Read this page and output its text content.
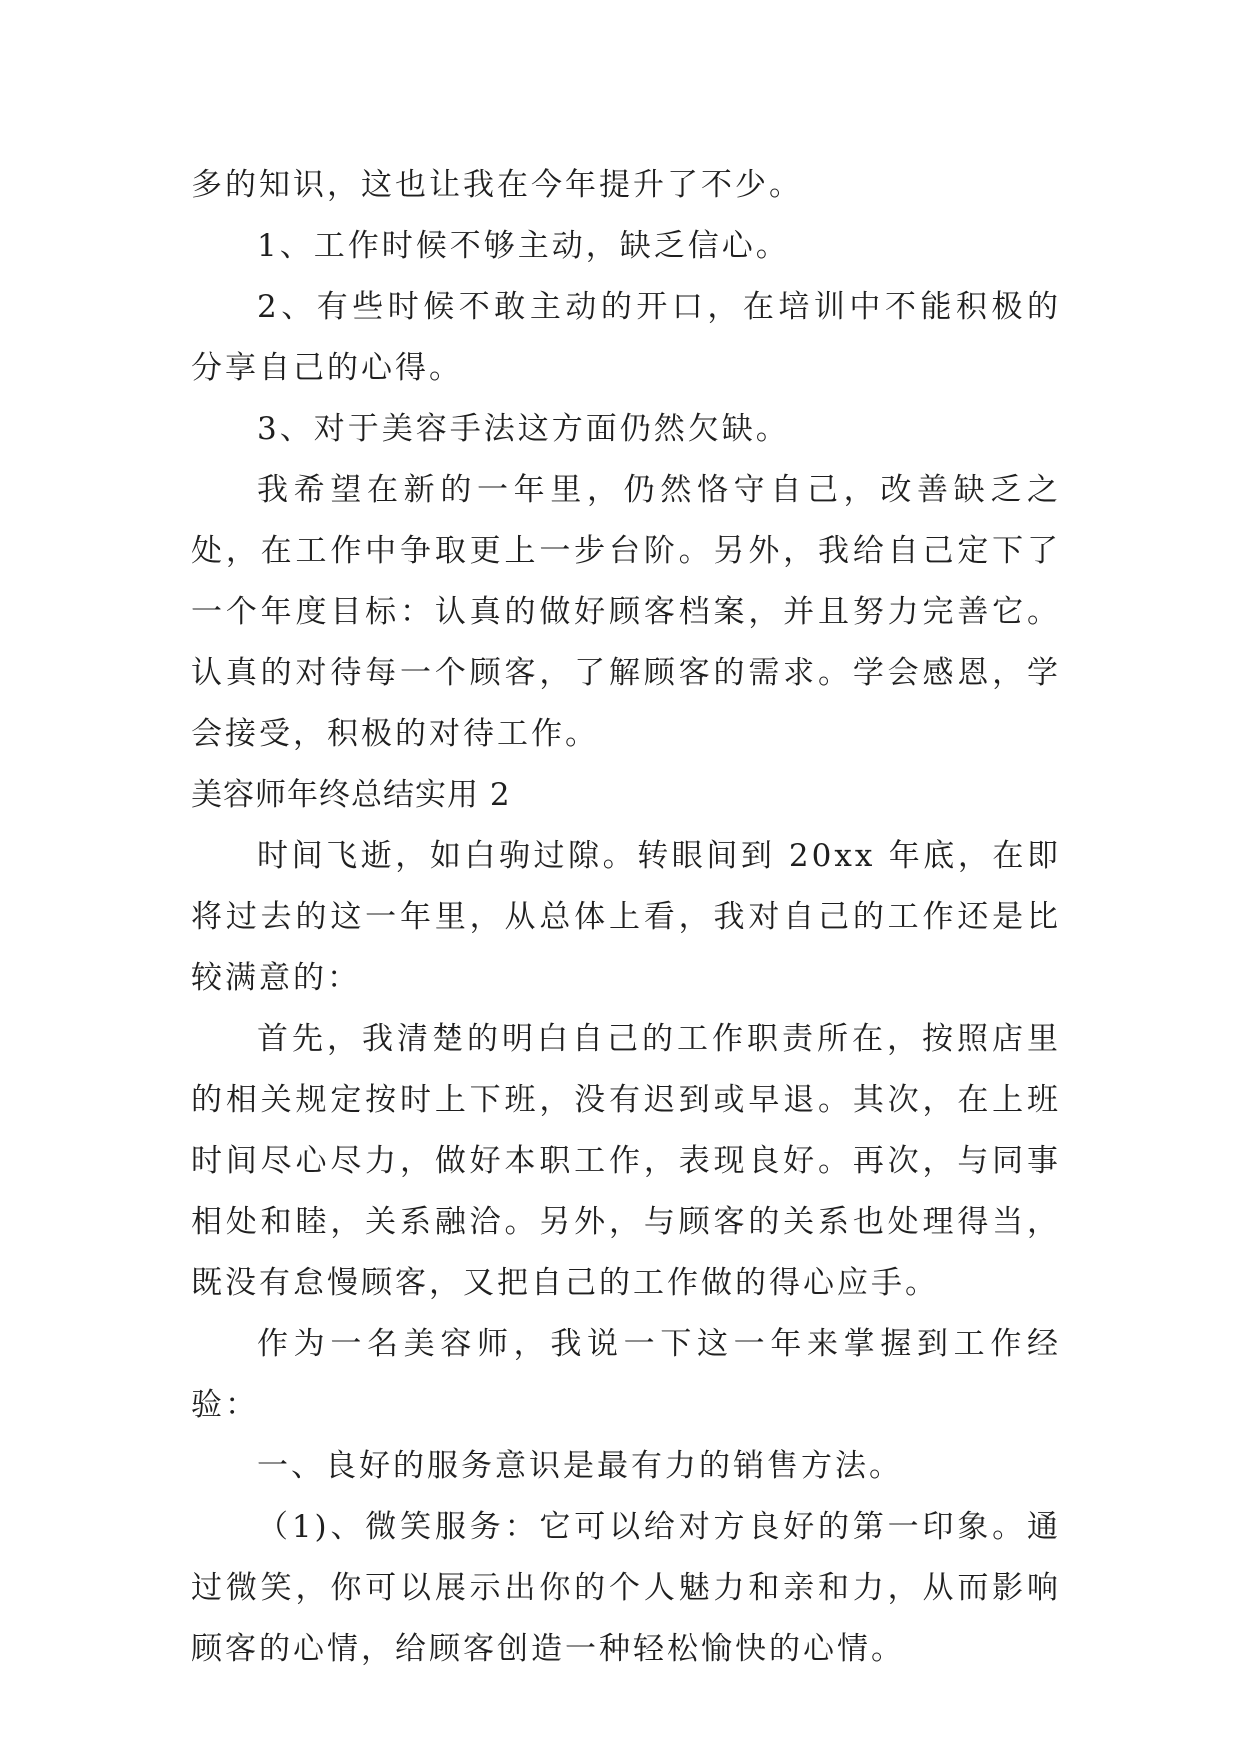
多的知识，这也让我在今年提升了不少。

1、工作时候不够主动，缺乏信心。

2、有些时候不敢主动的开口，在培训中不能积极的分享自己的心得。

3、对于美容手法这方面仍然欠缺。

我希望在新的一年里，仍然恪守自己，改善缺乏之处，在工作中争取更上一步台阶。另外，我给自己定下了一个年度目标：认真的做好顾客档案，并且努力完善它。认真的对待每一个顾客，了解顾客的需求。学会感恩，学会接受，积极的对待工作。

美容师年终总结实用 2

时间飞逝，如白驹过隙。转眼间到 20xx 年底，在即将过去的这一年里，从总体上看，我对自己的工作还是比较满意的：

首先，我清楚的明白自己的工作职责所在，按照店里的相关规定按时上下班，没有迟到或早退。其次，在上班时间尽心尽力，做好本职工作，表现良好。再次，与同事相处和睦，关系融洽。另外，与顾客的关系也处理得当，既没有怠慢顾客，又把自己的工作做的得心应手。

作为一名美容师，我说一下这一年来掌握到工作经验：

一、良好的服务意识是最有力的销售方法。

（1)、微笑服务：它可以给对方良好的第一印象。通过微笑，你可以展示出你的个人魅力和亲和力，从而影响顾客的心情，给顾客创造一种轻松愉快的心情。
